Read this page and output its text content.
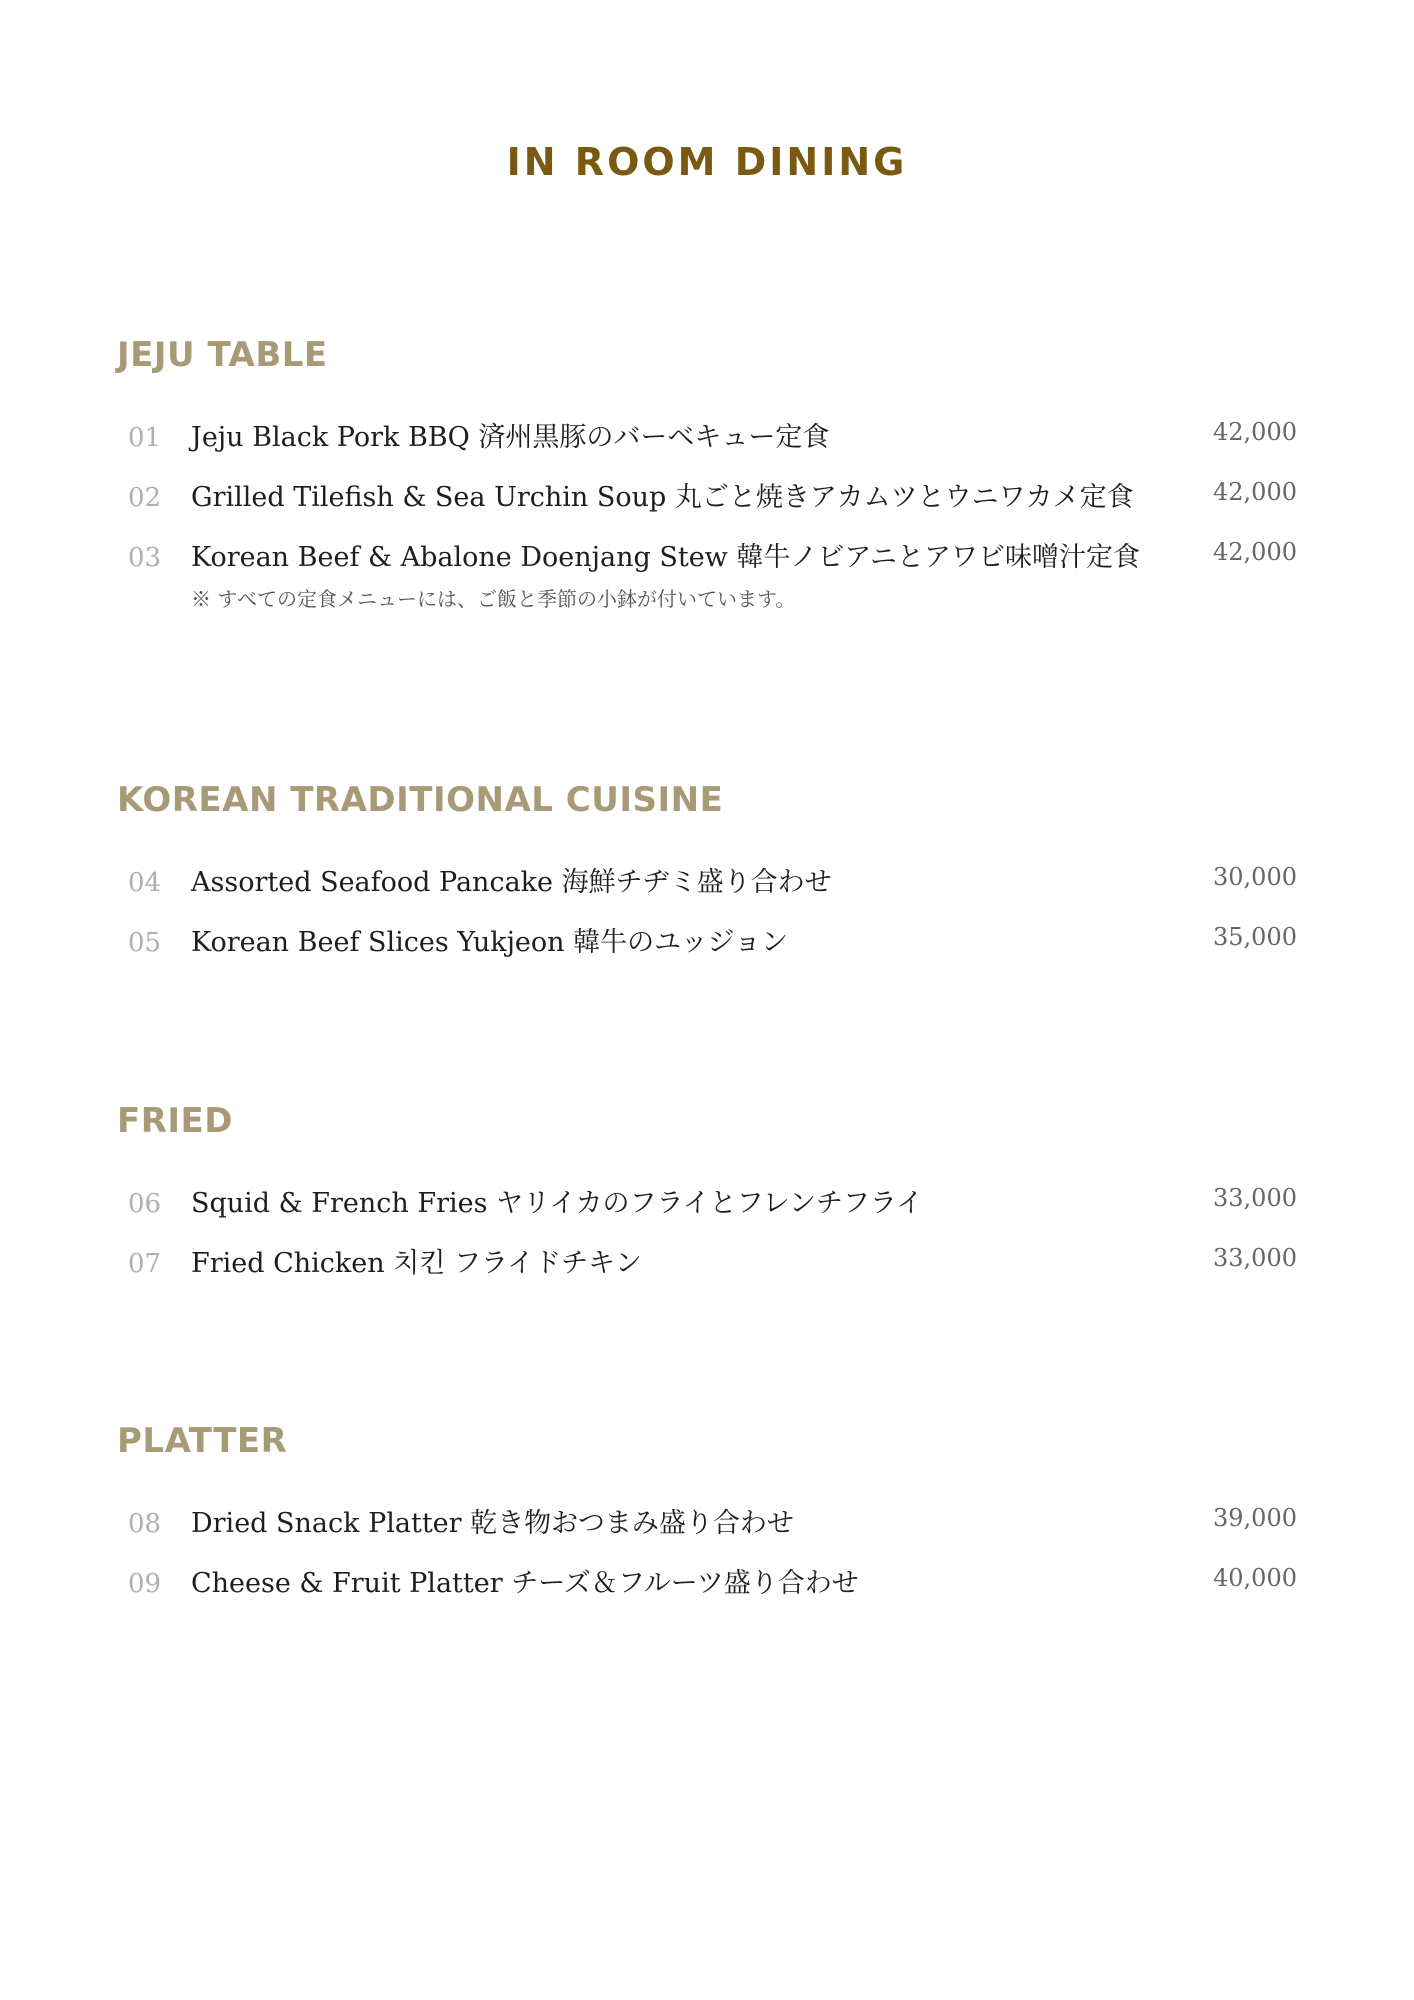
IN ROOM DINING
JEJU TABLE
01 Jeju Black Pork BBQ 済州黒豚のバーベキュー定食	42,000
02 Grilled Tilefish & Sea Urchin Soup 丸ごと焼きアカムツとウニワカメ定食	42,000
03 Korean Beef & Abalone Doenjang Stew 韓牛ノビアニとアワビ味噌汁定食	42,000
※ すべての定食メニューには、ご飯と季節の小鉢が付いています。
KOREAN TRADITIONAL CUISINE
04 Assorted Seafood Pancake 海鮮チヂミ盛り合わせ	30,000
05 Korean Beef Slices Yukjeon 韓牛のユッジョン	35,000
FRIED
06 Squid & French Fries ヤリイカのフライとフレンチフライ	33,000
07 Fried Chicken 치킨 フライドチキン	33,000
PLATTER
08 Dried Snack Platter 乾き物おつまみ盛り合わせ	39,000
09 Cheese & Fruit Platter チーズ＆フルーツ盛り合わせ	40,000
